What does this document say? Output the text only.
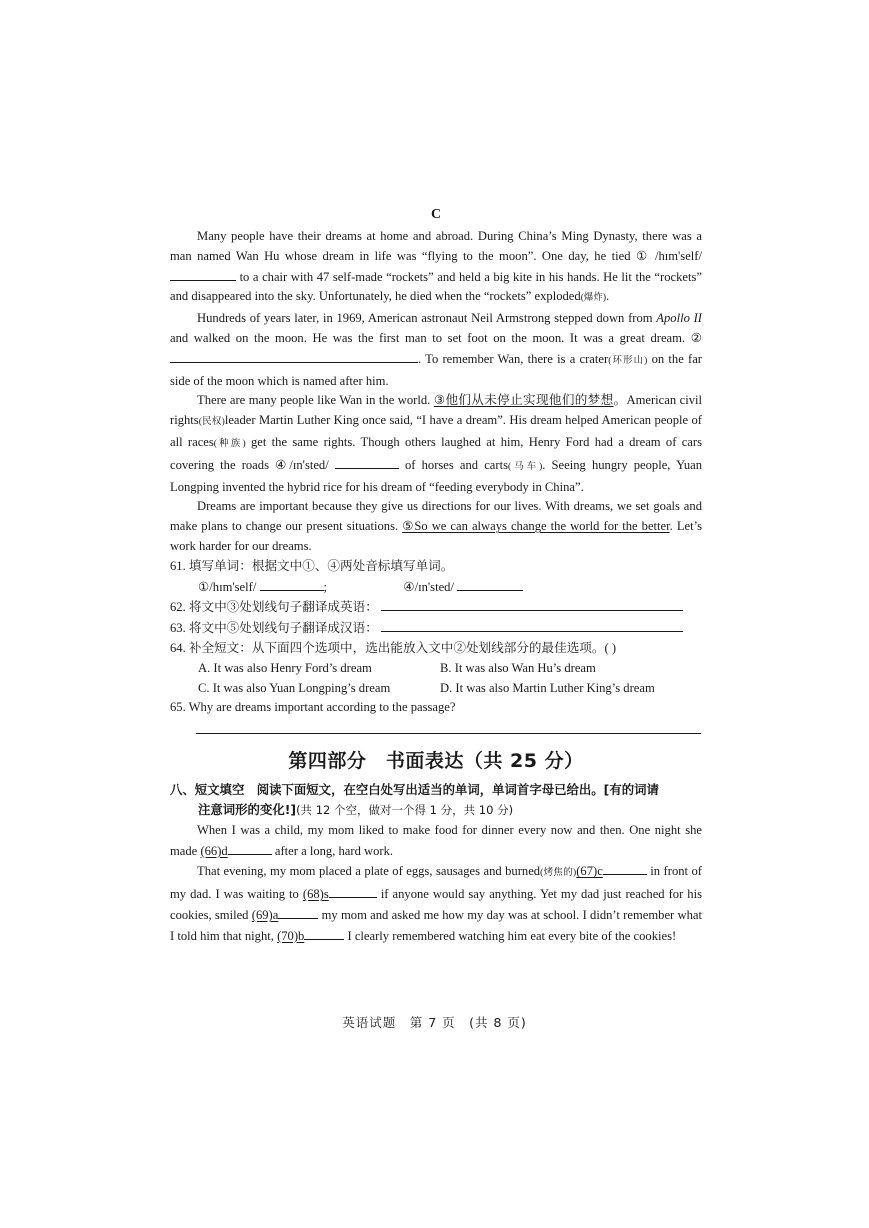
C

Many people have their dreams at home and abroad. During China’s Ming Dynasty, there was a man named Wan Hu whose dream in life was “flying to the moon”. One day, he tied ① /hɪm'self/  to a chair with 47 self-made “rockets” and held a big kite in his hands. He lit the “rockets” and disappeared into the sky. Unfortunately, he died when the “rockets” exploded(爆炸).

Hundreds of years later, in 1969, American astronaut Neil Armstrong stepped down from Apollo II and walked on the moon. He was the first man to set foot on the moon. It was a great dream. ②. To remember Wan, there is a crater(环形山) on the far side of the moon which is named after him.

There are many people like Wan in the world. ③他们从未停止实现他们的梦想。American civil rights(民权)leader Martin Luther King once said, “I have a dream”. His dream helped American people of all races(种族) get the same rights. Though others laughed at him, Henry Ford had a dream of cars covering the roads ④/ɪn'sted/	of horses and carts(马车). Seeing hungry people, Yuan Longping invented the hybrid rice for his dream of “feeding everybody in China”.

Dreams are important because they give us directions for our lives. With dreams, we set goals and make plans to change our present situations. ⑤So we can always change the world for the better. Let’s work harder for our dreams.

61. 填写单词：根据文中①、④两处音标填写单词。

①/hɪm'self/	;	④/ɪn'sted/

62. 将文中③处划线句子翻译成英语：

63. 将文中⑤处划线句子翻译成汉语：

64. 补全短文：从下面四个选项中，选出能放入文中②处划线部分的最佳选项。( )

A. It was also Henry Ford’s dream	B. It was also Wan Hu’s dream
C. It was also Yuan Longping’s dream	D. It was also Martin Luther King’s dream

65. Why are dreams important according to the passage?

第四部分　书面表达（共 25 分）

八、短文填空　阅读下面短文，在空白处写出适当的单词，单词首字母已给出。[有的词请

注意词形的变化!](共 12 个空，做对一个得 1 分，共 10 分)

When I was a child, my mom liked to make food for dinner every now and then. One night she made (66)d	after a long, hard work.

That evening, my mom placed a plate of eggs, sausages and burned(烤焦的)(67)c	in front of my dad. I was waiting to (68)s	if anyone would say anything. Yet my dad just reached for his cookies, smiled (69)a	my mom and asked me how my day was at school. I didn’t remember what I told him that night, (70)b	I clearly remembered watching him eat every bite of the cookies!

英语试题　第 7 页　(共 8 页)
